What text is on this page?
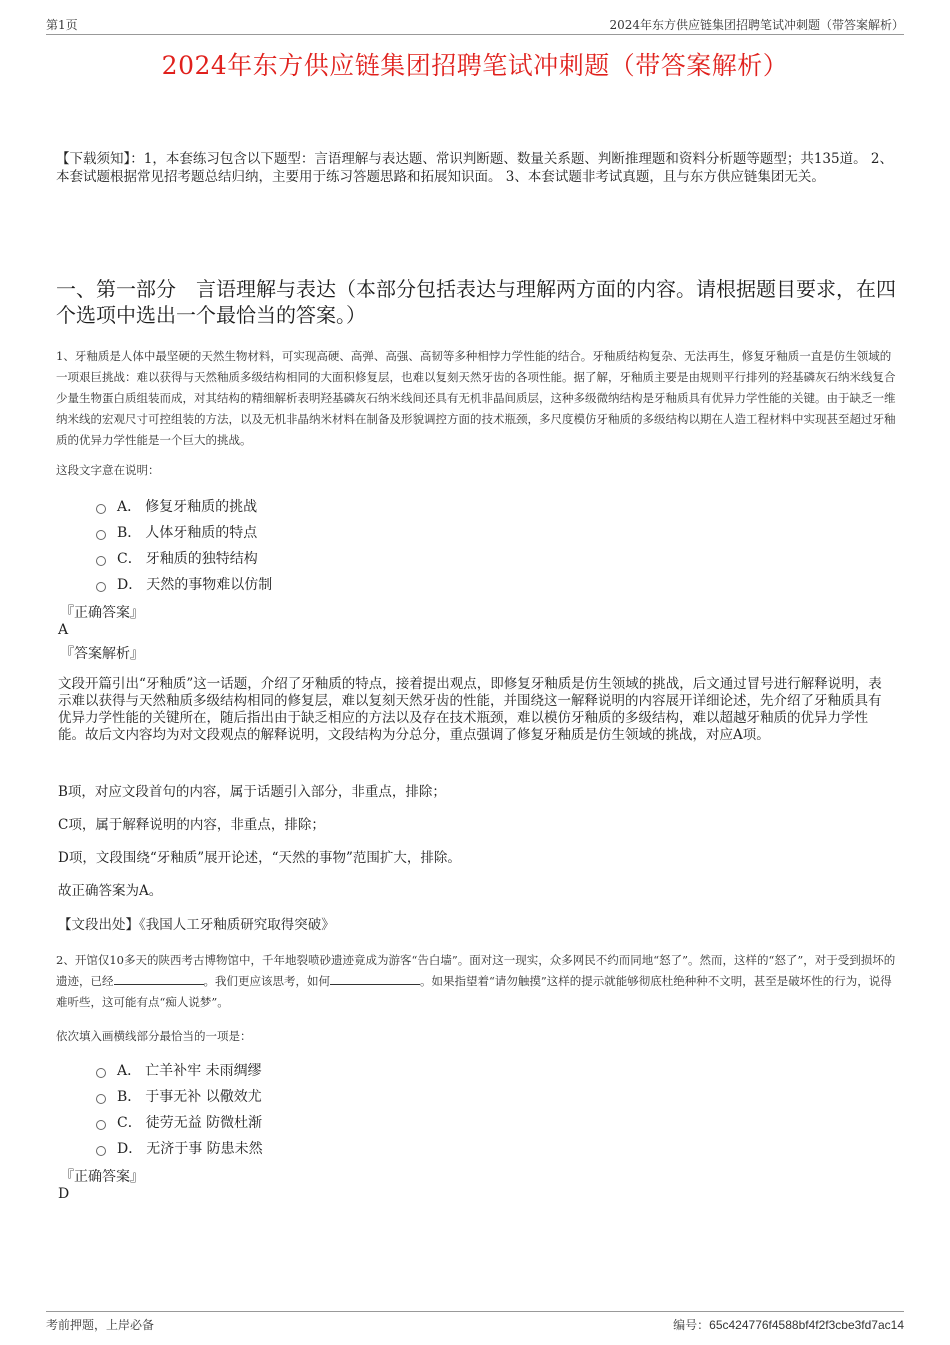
第1页	2024年东方供应链集团招聘笔试冲刺题（带答案解析）
2024年东方供应链集团招聘笔试冲刺题（带答案解析）
【下载须知】：1，本套练习包含以下题型：言语理解与表达题、常识判断题、数量关系题、判断推理题和资料分析题等题型；共135道。 2、本套试题根据常见招考题总结归纳，主要用于练习答题思路和拓展知识面。 3、本套试题非考试真题，且与东方供应链集团无关。
一、第一部分　言语理解与表达（本部分包括表达与理解两方面的内容。请根据题目要求，在四个选项中选出一个最恰当的答案。）
1、牙釉质是人体中最坚硬的天然生物材料，可实现高硬、高弹、高强、高韧等多种相悖力学性能的结合。牙釉质结构复杂、无法再生，修复牙釉质一直是仿生领域的一项艰巨挑战：难以获得与天然釉质多级结构相同的大面积修复层，也难以复刻天然牙齿的各项性能。据了解，牙釉质主要是由规则平行排列的羟基磷灰石纳米线复合少量生物蛋白质组装而成，对其结构的精细解析表明羟基磷灰石纳米线间还具有无机非晶间质层，这种多级微纳结构是牙釉质具有优异力学性能的关键。由于缺乏一维纳米线的宏观尺寸可控组装的方法，以及无机非晶纳米材料在制备及形貌调控方面的技术瓶颈，多尺度模仿牙釉质的多级结构以期在人造工程材料中实现甚至超过牙釉质的优异力学性能是一个巨大的挑战。
这段文字意在说明：
A． 修复牙釉质的挑战
B． 人体牙釉质的特点
C． 牙釉质的独特结构
D． 天然的事物难以仿制
『正确答案』
A
『答案解析』
文段开篇引出“牙釉质”这一话题，介绍了牙釉质的特点，接着提出观点，即修复牙釉质是仿生领域的挑战，后文通过冒号进行解释说明，表示难以获得与天然釉质多级结构相同的修复层，难以复刻天然牙齿的性能，并围绕这一解释说明的内容展开详细论述，先介绍了牙釉质具有优异力学性能的关键所在，随后指出由于缺乏相应的方法以及存在技术瓶颈，难以模仿牙釉质的多级结构，难以超越牙釉质的优异力学性能。故后文内容均为对文段观点的解释说明，文段结构为分总分，重点强调了修复牙釉质是仿生领域的挑战，对应A项。
B项，对应文段首句的内容，属于话题引入部分，非重点，排除；
C项，属于解释说明的内容，非重点，排除；
D项，文段围绕“牙釉质”展开论述，“天然的事物”范围扩大，排除。
故正确答案为A。
【文段出处】《我国人工牙釉质研究取得突破》
2、开馆仅10多天的陕西考古博物馆中，千年地裂喷砂遗迹竟成为游客“告白墙”。面对这一现实，众多网民不约而同地“怒了”。然而，这样的“怒了”，对于受到损坏的遗迹，已经	。我们更应该思考，如何	。如果指望着“请勿触摸”这样的提示就能够彻底杜绝种种不文明，甚至是破坏性的行为，说得难听些，这可能有点“痴人说梦”。
依次填入画横线部分最恰当的一项是：
A． 亡羊补牢 未雨绸缪
B． 于事无补 以儆效尤
C． 徒劳无益 防微杜渐
D． 无济于事 防患未然
『正确答案』
D
考前押题，上岸必备	编号：65c424776f4588bf4f2f3cbe3fd7ac14
